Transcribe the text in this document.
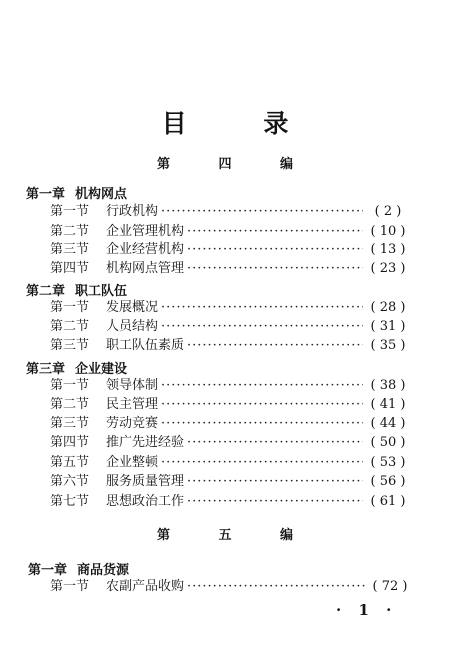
目 录
第 四 编
第一章 机构网点
第一节	行政机构 ·····	( 2 )
第二节	企业管理机构 ·····	( 10 )
第三节	企业经营机构 ·····	( 13 )
第四节	机构网点管理 ·····	( 23 )
第二章 职工队伍
第一节	发展概况 ·····	( 28 )
第二节	人员结构 ·····	( 31 )
第三节	职工队伍素质 ·····	( 35 )
第三章 企业建设
第一节	领导体制 ·····	( 38 )
第二节	民主管理 ·····	( 41 )
第三节	劳动竞赛 ·····	( 44 )
第四节	推广先进经验 ·····	( 50 )
第五节	企业整顿 ·····	( 53 )
第六节	服务质量管理 ·····	( 56 )
第七节	思想政治工作 ·····	( 61 )
第 五 编
第一章 商品货源
第一节	农副产品收购 ·····	( 72 )
· 1 ·
